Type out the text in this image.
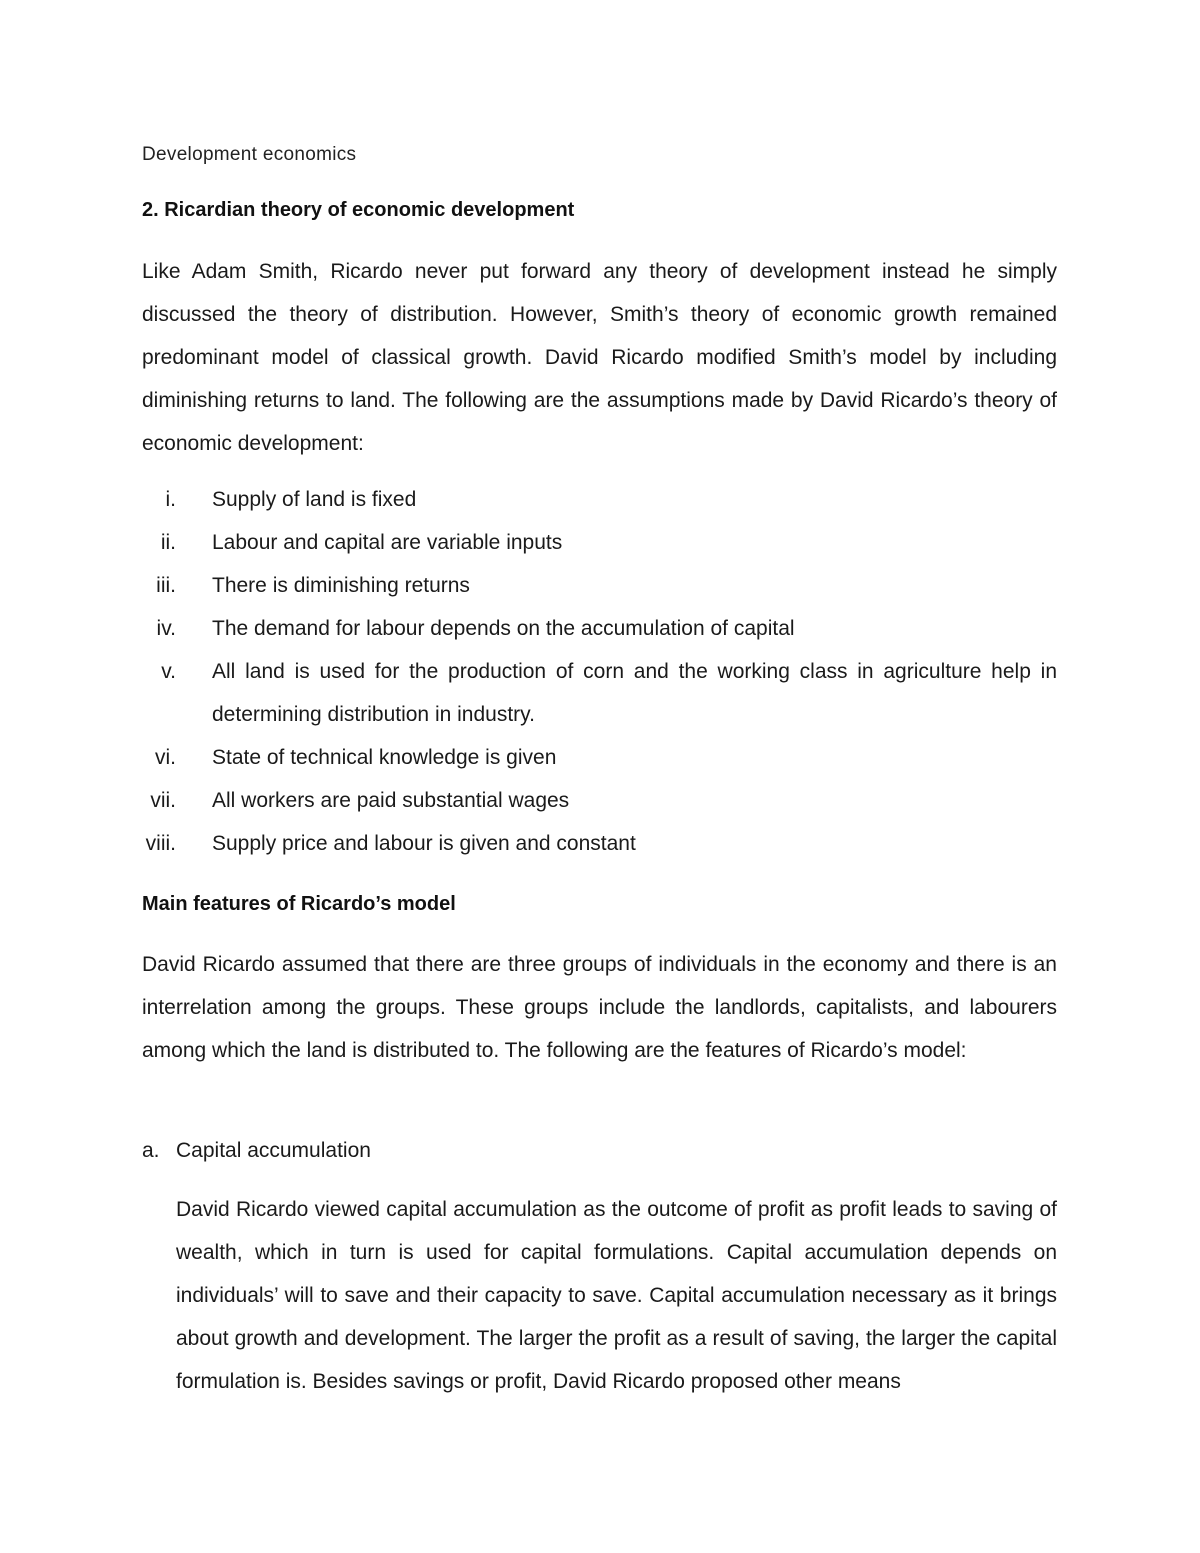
Development economics
2. Ricardian theory of economic development
Like Adam Smith, Ricardo never put forward any theory of development instead he simply discussed the theory of distribution. However, Smith’s theory of economic growth remained predominant model of classical growth. David Ricardo modified Smith’s model by including diminishing returns to land. The following are the assumptions made by David Ricardo’s theory of economic development:
i. Supply of land is fixed
ii. Labour and capital are variable inputs
iii. There is diminishing returns
iv. The demand for labour depends on the accumulation of capital
v. All land is used for the production of corn and the working class in agriculture help in determining distribution in industry.
vi. State of technical knowledge is given
vii. All workers are paid substantial wages
viii. Supply price and labour is given and constant
Main features of Ricardo’s model
David Ricardo assumed that there are three groups of individuals in the economy and there is an interrelation among the groups. These groups include the landlords, capitalists, and labourers among which the land is distributed to. The following are the features of Ricardo’s model:
a. Capital accumulation
David Ricardo viewed capital accumulation as the outcome of profit as profit leads to saving of wealth, which in turn is used for capital formulations. Capital accumulation depends on individuals’ will to save and their capacity to save. Capital accumulation necessary as it brings about growth and development. The larger the profit as a result of saving, the larger the capital formulation is. Besides savings or profit, David Ricardo proposed other means
